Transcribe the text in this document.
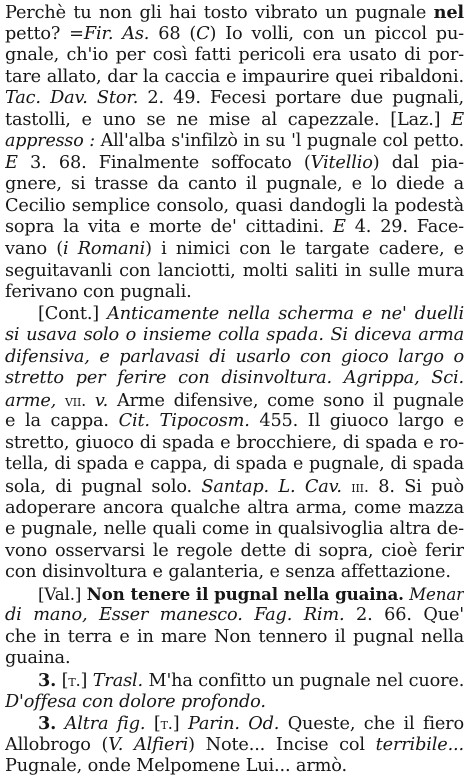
Perchè tu non gli hai tosto vibrato un pugnale nel
petto? =Fir. As. 68 (C) Io volli, con un piccol pu-
gnale, ch'io per così fatti pericoli era usato di por-
tare allato, dar la caccia e impaurire quei ribaldoni.
Tac. Dav. Stor. 2. 49. Fecesi portare due pugnali,
tastolli, e uno se ne mise al capezzale. [Laz.] E
appresso : All'alba s'infilzò in su 'l pugnale col petto.
E 3. 68. Finalmente soffocato (Vitellio) dal pia-
gnere, si trasse da canto il pugnale, e lo diede a
Cecilio semplice consolo, quasi dandogli la podestà
sopra la vita e morte de' cittadini. E 4. 29. Face-
vano (i Romani) i nimici con le targate cadere, e
seguitavanli con lanciotti, molti saliti in sulle mura
ferivano con pugnali.
[Cont.] Anticamente nella scherma e ne' duelli
si usava solo o insieme colla spada. Si diceva arma
difensiva, e parlavasi di usarlo con gioco largo o
stretto per ferire con disinvoltura. Agrippa, Sci.
arme, vii. v. Arme difensive, come sono il pugnale
e la cappa. Cit. Tipocosm. 455. Il giuoco largo e
stretto, giuoco di spada e brocchiere, di spada e ro-
tella, di spada e cappa, di spada e pugnale, di spada
sola, di pugnal solo. Santap. L. Cav. iii. 8. Si può
adoperare ancora qualche altra arma, come mazza
e pugnale, nelle quali come in qualsivoglia altra de-
vono osservarsi le regole dette di sopra, cioè ferir
con disinvoltura e galanteria, e senza affettazione.
[Val.] Non tenere il pugnal nella guaina. Menar
di mano, Esser manesco. Fag. Rim. 2. 66. Que'
che in terra e in mare Non tennero il pugnal nella
guaina.
3. [t.] Trasl. M'ha confitto un pugnale nel cuore.
D'offesa con dolore profondo.
3. Altra fig. [t.] Parin. Od. Queste, che il fiero
Allobrogo (V. Alfieri) Note... Incise col terribile...
Pugnale, onde Melpomene Lui... armò.
